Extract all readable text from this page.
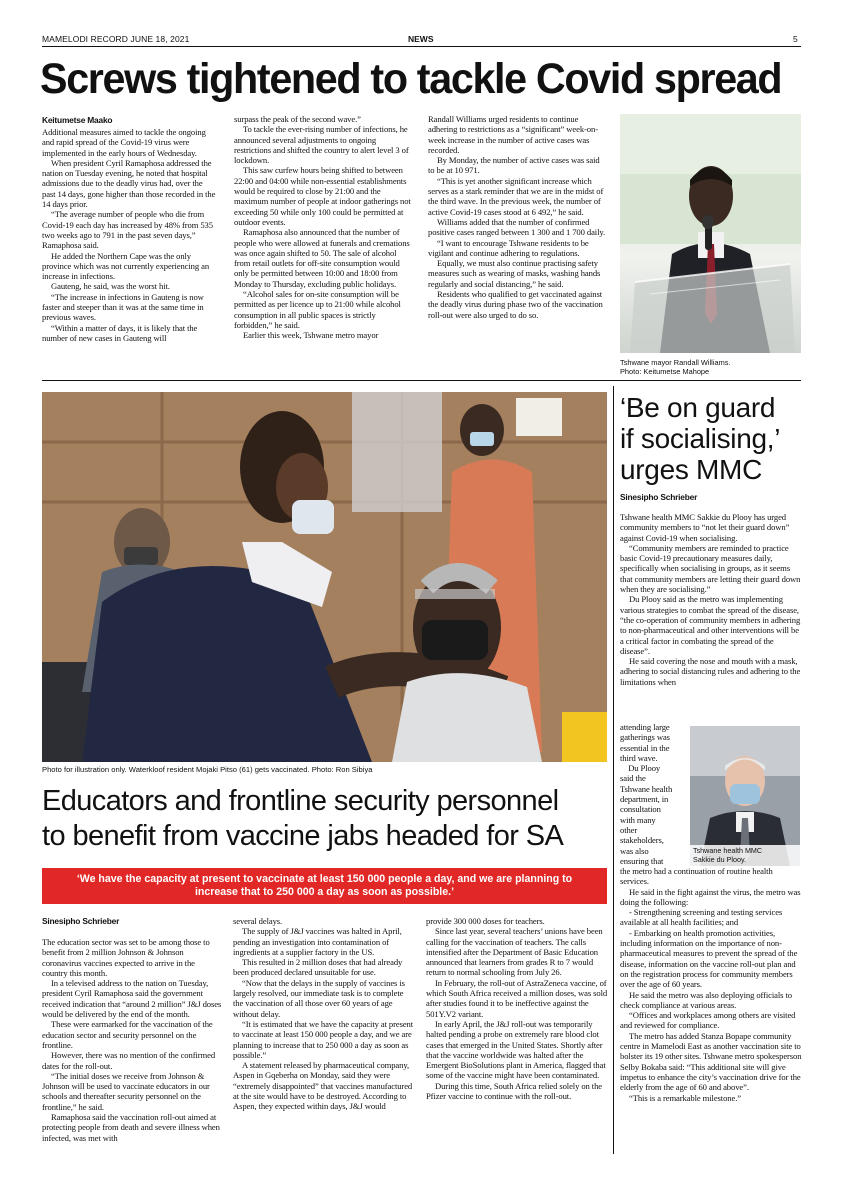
MAMELODI RECORD JUNE 18, 2021	NEWS	5
Screws tightened to tackle Covid spread
Keitumetse Maako

Additional measures aimed to tackle the ongoing and rapid spread of the Covid-19 virus were implemented in the early hours of Wednesday.

When president Cyril Ramaphosa addressed the nation on Tuesday evening, he noted that hospital admissions due to the deadly virus had, over the past 14 days, gone higher than those recorded in the 14 days prior.

“The average number of people who die from Covid-19 each day has increased by 48% from 535 two weeks ago to 791 in the past seven days,” Ramaphosa said.

He added the Northern Cape was the only province which was not currently experiencing an increase in infections.

Gauteng, he said, was the worst hit.

“The increase in infections in Gauteng is now faster and steeper than it was at the same time in previous waves.

“Within a matter of days, it is likely that the number of new cases in Gauteng will

surpass the peak of the second wave.”

To tackle the ever-rising number of infections, he announced several adjustments to ongoing restrictions and shifted the country to alert level 3 of lockdown.

This saw curfew hours being shifted to between 22:00 and 04:00 while non-essential establishments would be required to close by 21:00 and the maximum number of people at indoor gatherings not exceeding 50 while only 100 could be permitted at outdoor events.

Ramaphosa also announced that the number of people who were allowed at funerals and cremations was once again shifted to 50. The sale of alcohol from retail outlets for off-site consumption would only be permitted between 10:00 and 18:00 from Monday to Thursday, excluding public holidays.

“Alcohol sales for on-site consumption will be permitted as per licence up to 21:00 while alcohol consumption in all public spaces is strictly forbidden,” he said.

Earlier this week, Tshwane metro mayor

Randall Williams urged residents to continue adhering to restrictions as a “significant” week-on-week increase in the number of active cases was recorded.

By Monday, the number of active cases was said to be at 10 971.

“This is yet another significant increase which serves as a stark reminder that we are in the midst of the third wave. In the previous week, the number of active Covid-19 cases stood at 6 492,” he said.

Williams added that the number of confirmed positive cases ranged between 1 300 and 1 700 daily.

“I want to encourage Tshwane residents to be vigilant and continue adhering to regulations.

Equally, we must also continue practising safety measures such as wearing of masks, washing hands regularly and social distancing,” he said.

Residents who qualified to get vaccinated against the deadly virus during phase two of the vaccination roll-out were also urged to do so.

Tshwane mayor Randall Williams.
Photo: Keitumetse Mahope
Photo for illustration only. Waterkloof resident Mojaki Pitso (61) gets vaccinated. Photo: Ron Sibiya
Educators and frontline security personnel
to benefit from vaccine jabs headed for SA
‘We have the capacity at present to vaccinate at least 150 000 people a day, and we are planning to increase that to 250 000 a day as soon as possible.’
Sinesipho Schrieber

The education sector was set to be among those to benefit from 2 million Johnson & Johnson coronavirus vaccines expected to arrive in the country this month.

In a televised address to the nation on Tuesday, president Cyril Ramaphosa said the government received indication that “around 2 million” J&J doses would be delivered by the end of the month.

These were earmarked for the vaccination of the education sector and security personnel on the frontline.

However, there was no mention of the confirmed dates for the roll-out.

“The initial doses we receive from Johnson & Johnson will be used to vaccinate educators in our schools and thereafter security personnel on the frontline,” he said.

Ramaphosa said the vaccination roll-out aimed at protecting people from death and severe illness when infected, was met with

several delays.

The supply of J&J vaccines was halted in April, pending an investigation into contamination of ingredients at a supplier factory in the US.

This resulted in 2 million doses that had already been produced declared unsuitable for use.

“Now that the delays in the supply of vaccines is largely resolved, our immediate task is to complete the vaccination of all those over 60 years of age without delay.

“It is estimated that we have the capacity at present to vaccinate at least 150 000 people a day, and we are planning to increase that to 250 000 a day as soon as possible.”

A statement released by pharmaceutical company, Aspen in Gqeberha on Monday, said they were “extremely disappointed” that vaccines manufactured at the site would have to be destroyed. According to Aspen, they expected within days, J&J would

provide 300 000 doses for teachers.

Since last year, several teachers’ unions have been calling for the vaccination of teachers. The calls intensified after the Department of Basic Education announced that learners from grades R to 7 would return to normal schooling from July 26.

In February, the roll-out of AstraZeneca vaccine, of which South Africa received a million doses, was sold after studies found it to be ineffective against the 501Y.V2 variant.

In early April, the J&J roll-out was temporarily halted pending a probe on extremely rare blood clot cases that emerged in the United States. Shortly after that the vaccine worldwide was halted after the Emergent BioSolutions plant in America, flagged that some of the vaccine might have been contaminated.

During this time, South Africa relied solely on the Pfizer vaccine to continue with the roll-out.

‘Be on guard
if socialising,’
urges MMC
Sinesipho Schrieber

Tshwane health MMC Sakkie du Plooy has urged community members to “not let their guard down” against Covid-19 when socialising.

“Community members are reminded to practice basic Covid-19 precautionary measures daily, specifically when socialising in groups, as it seems that community members are letting their guard down when they are socialising.”

Du Plooy said as the metro was implementing various strategies to combat the spread of the disease, “the co-operation of community members in adhering to non-pharmaceutical and other interventions will be a critical factor in combating the spread of the disease”.

He said covering the nose and mouth with a mask, adhering to social distancing rules and adhering to the limitations when

attending large
gatherings was
essential in the
third wave.
Du Plooy
said the
Tshwane health
department, in
consultation
with many
other
stakeholders,
was also
ensuring that
Tshwane health MMC
Sakkie du Plooy.

the metro had a continuation of routine health services.

He said in the fight against the virus, the metro was doing the following:

- Strengthening screening and testing services available at all health facilities; and

- Embarking on health promotion activities, including information on the importance of non-pharmaceutical measures to prevent the spread of the disease, information on the vaccine roll-out plan and on the registration process for community members over the age of 60 years.

He said the metro was also deploying officials to check compliance at various areas.

“Offices and workplaces among others are visited and reviewed for compliance.

The metro has added Stanza Bopape community centre in Mamelodi East as another vaccination site to bolster its 19 other sites. Tshwane metro spokesperson Selby Bokaba said: “This additional site will give impetus to enhance the city’s vaccination drive for the elderly from the age of 60 and above”.

“This is a remarkable milestone.”
